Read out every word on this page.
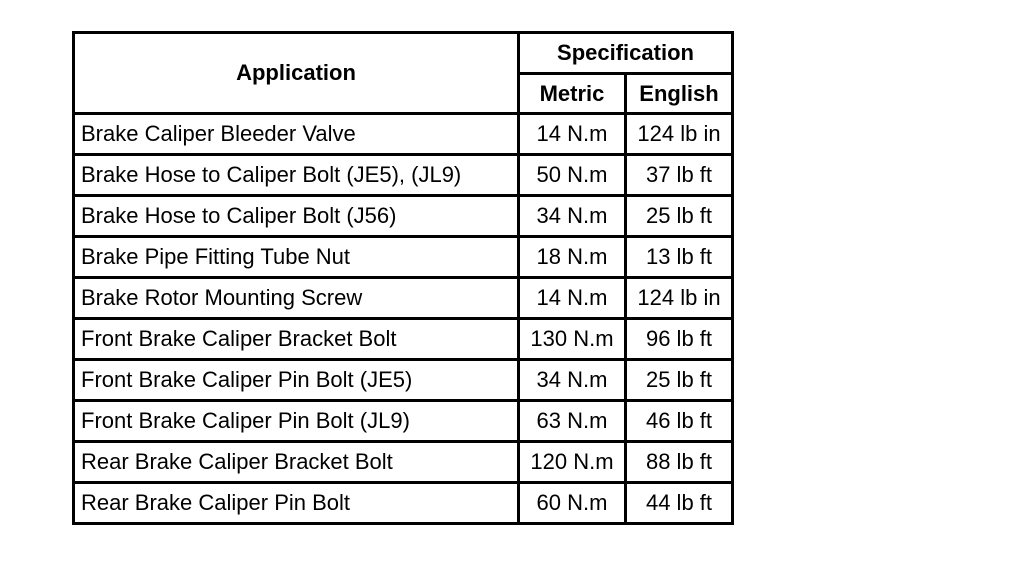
Application	Specification	
	Metric	English
Brake Caliper Bleeder Valve	14 N.m	124 lb in
Brake Hose to Caliper Bolt (JE5), (JL9)	50 N.m	37 lb ft
Brake Hose to Caliper Bolt (J56)	34 N.m	25 lb ft
Brake Pipe Fitting Tube Nut	18 N.m	13 lb ft
Brake Rotor Mounting Screw	14 N.m	124 lb in
Front Brake Caliper Bracket Bolt	130 N.m	96 lb ft
Front Brake Caliper Pin Bolt (JE5)	34 N.m	25 lb ft
Front Brake Caliper Pin Bolt (JL9)	63 N.m	46 lb ft
Rear Brake Caliper Bracket Bolt	120 N.m	88 lb ft
Rear Brake Caliper Pin Bolt	60 N.m	44 lb ft
